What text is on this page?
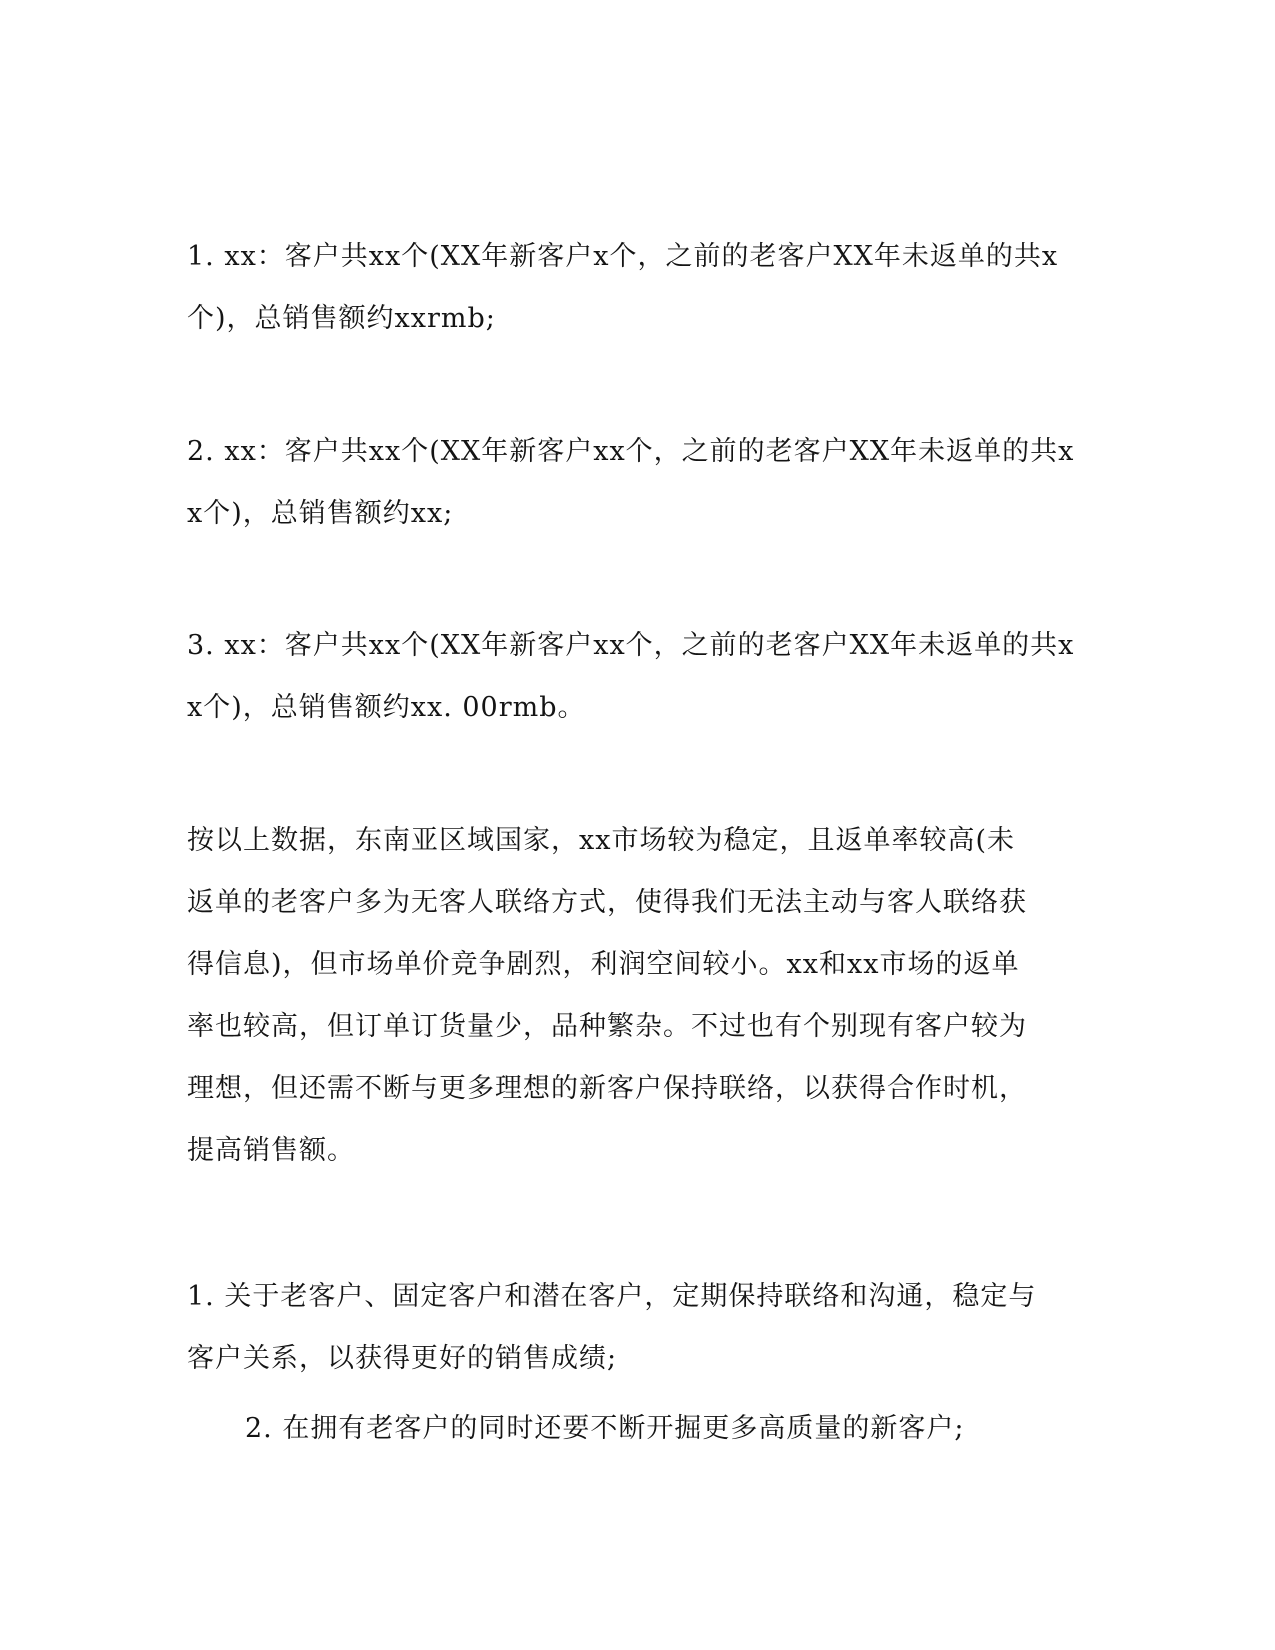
1. xx：客户共xx个(XX年新客户x个，之前的老客户XX年未返单的共x
个)，总销售额约xxrmb;

2. xx：客户共xx个(XX年新客户xx个，之前的老客户XX年未返单的共x
x个)，总销售额约xx;

3. xx：客户共xx个(XX年新客户xx个，之前的老客户XX年未返单的共x
x个)，总销售额约xx. 00rmb。

按以上数据，东南亚区域国家，xx市场较为稳定，且返单率较高(未
返单的老客户多为无客人联络方式，使得我们无法主动与客人联络获
得信息)，但市场单价竞争剧烈，利润空间较小。xx和xx市场的返单
率也较高，但订单订货量少，品种繁杂。不过也有个别现有客户较为
理想，但还需不断与更多理想的新客户保持联络，以获得合作时机，
提高销售额。

1. 关于老客户、固定客户和潜在客户，定期保持联络和沟通，稳定与
客户关系，以获得更好的销售成绩;

2. 在拥有老客户的同时还要不断开掘更多高质量的新客户;
